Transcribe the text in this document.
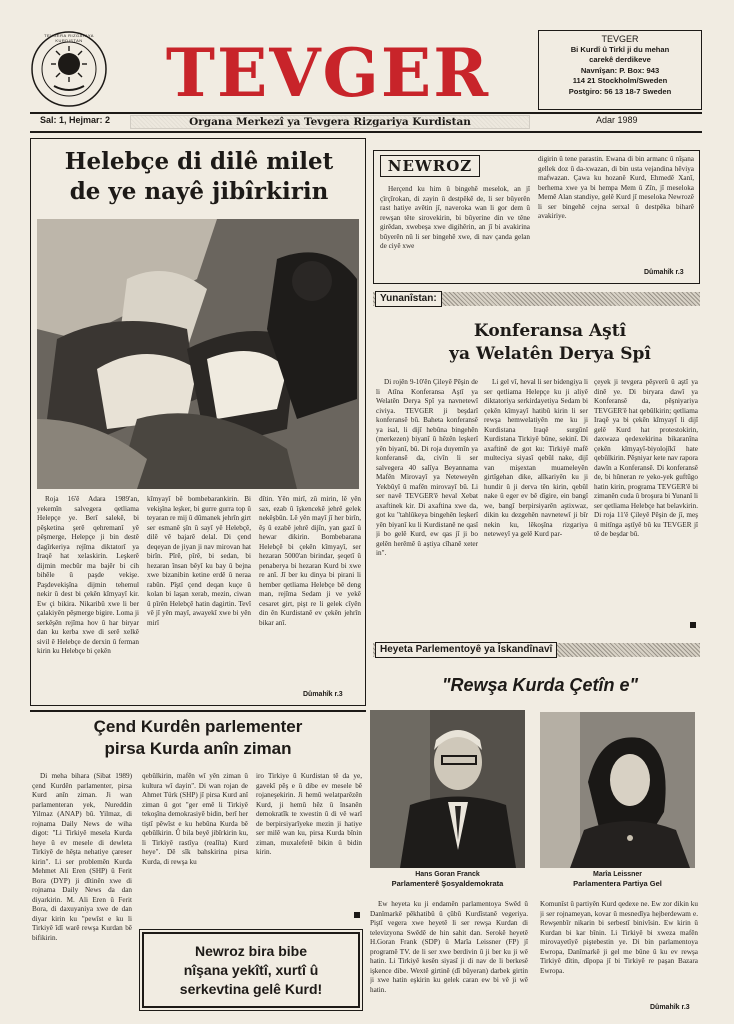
TEVGERA RIZGARIYA KURDISTAN	TEVGER	TEVGER
Bi Kurdî û Tirkî ji du mehan
carekê derdikeve
Navnîşan: P. Box: 943
114 21 Stockholm/Sweden
Postgiro: 56 13 18-7 Sweden
Sal: 1, Hejmar: 2	Organa Merkezî ya Tevgera Rizgariya Kurdistan	Adar 1989
Helebçe di dilê milet
de ye nayê jibîrkirin

Roja 16'ê Adara 1989'an, yekemîn salvegera qetliama Helepçe ye. Berî salekê, bi pêşketina şerê qehremanî yê pêşmerge, Helepçe ji bin destê dagîrkeriya rejîma diktatorî ya Iraqê hat xelaskirin. Leşkerê dijmin mecbûr ma bajêr bi cih bihêle û paşde vekişe. Paşdevekişîna dijmin tehemul nekir û dest bi çekên kîmyayî kir. Ew çi bikira. Nikaribû xwe li ber çalakiyên pêşmerge bigire. Loma ji serkêşên rejîma hov û har biryar dan ku kerba xwe di serê xelkê sivil ê Helebçe de derxin û ferman kirin ku Helebçe bi çekên

kîmyayî bê bombebarankirin. Bi vekişîna leşker, bi gurre gurra top û teyaran re mij û dûmanek jehrîn girt ser esmanê şîn û sayî yê Helebçê, dilê vê bajarê delal. Di çend deqeyan de jiyan ji nav mirovan hat birîn. Pîrê, pîrê, bi sedan, bi hezaran însan bêyî ku bay û bejna xwe bizanibin ketine erdê û neraa rabûn. Pîştî çend deqan kuçe û kolan bi laşan xerab, mezin, ciwan û pîrên Helebçê hatin dagirtin. Tevî vê jî yên mayî, awayekî xwe bi yên mirî

dîtin. Yên mirî, zû mirin, lê yên sax, ezab û îşkencekê jehrê gelek nekêşbûn. Lê yên mayî jî her birîn, êş û ezabê jehrê dijîn, yan gazî û hewar dikirin. Bombebarana Helebçê bi çekên kîmyayî, ser hezaran 5000'an birindar, şeqetî û penaberya bi hezaran Kurd bi xwe re anî. Jî ber ku dinya bi pirani li hember qetliama Helebçe bê deng man, rejîma Sedam ji ve yekê cesaret girt, pişt re li gelek cîyên din ên Kurdistanê ev çekên jehrîn bikar anî.

Dûmahîk r.3
NEWROZ

Herçend ku him û bingehê meselok, an jî çîrçîrokan, di zayin û destpêkê de, li ser bûyerên rast hatiye avêtin jî, naveroka wan li gor dem û rewşan tête sirovekirin, bi bûyerine din ve têne girêdan, xwebeşa xwe digihêrin, an jî bi avakirina bûyerên nû li ser bingehê xwe, di nav çanda gelan de ciyê xwe

digirin û tene parastin. Ewana di bin armanc û nîşana gellek doz û da-xwazan, di bin usta vejandina hêviya mafwazan. Çawa ku hozanê Kurd, Ehmedê Xanî, berhema xwe ya bi hempa Mem û Zîn, jî meseloka Memê Alan standiye, gelê Kurd jî meseloka Newrozê li ser bingehê cejna serxal û destpêka biharê avakiriye.

Dûmahîk r.3
Yunanîstan:
Konferansa Aştî
ya Welatên Derya Spî

Di rojên 9-10'ên Çileyê Pêşin de li Atîna Konferansa Aştî ya Welatên Derya Spî ya navnetewî civiya. TEVGER ji beşdarî konferansê bû. Baheta konferansê ya isal, li dijî hebûna bingehên (merkezen) biyanî û hêzên leşkerî yên biyanî, bû. Di roja duyemîn ya konferansê da, civîn li ser salvegera 40 salîya Beyannama Mafên Mirovayî ya Neteweyên Yekbûyî û mafên mirovayî bû. Li ser navê TEVGER'ê heval Xebat axaftinek kir. Di axaftina xwe da, got ku "tahlûkeya bingehên leşkerî yên biyanî ku li Kurdistanê ne qasî ji bo gelê Kurd, ew qas jî ji bo gelên herêmê û aştiya cîhanê xeter in".

Li gel vî, heval li ser bidengiya li ser qetliama Helepçe ku ji aliyê diktatoriya serkirdayetiya Sedam bi çekên kîmyayî hatibû kirin li ser rewşa hemwelatiyên me ku ji Kurdistana Iraqê surgûnî Kurdistana Tirkiyê bûne, sekinî. Di axaftinê de got ku: Tirkiyê mafê multeciya siyasî qebûl nake, dijî van mişextan muameleyên girtîgehan dike, alîkariyên ku ji hundir û ji derva tên kirin, qebûl nake û eger ev bê dîgire, ein bangî we, bangî berpirsiyarên aştixwaz, dikin ku dezgehên navnetewî ji bîr nekin ku, lêkoşîna rizgariya neteweyî ya gelê Kurd par-

çeyek ji tevgera pêşverû û aştî ya dinê ye. Di biryara dawî ya Konferansê da, pêşniyariya TEVGER'ê hat qebûlkirin; qetliama Iraqê ya bi çekên kîmyayî li dijî gelê Kurd hat protestokirin, daxwaza qedexekirina bikaranîna çekên kîmyayî-biyolojîkî hate qebûlkirin. Pêşniyar kete nav rapora dawîn a Konferansê. Di konferansê de, bi hûneran re yeko-yek guftûgo hatin kirin, programa TEVGER'ê bi zimanên cuda û broşura bi Yunanî li ser qetliama Helebçe hat belavkirin. Di roja 11'ê Çileyê Pêşin de jî, meş û mitînga aştîyê bû ku TEVGER jî tê de beşdar bû.

Heyeta Parlementoyê ya Îskandînavî
"Rewşa Kurda Çetîn e"
Hans Goran Franck
Parlamenterê Şosyaldemokrata
Marîa Leissner
Parlamentera Partiya Gel

Ew heyeta ku ji endamên parlamentoya Swêd û Danîmarkê pêkhatibû û çûbû Kurdîstanê vegeriya. Piştî vegera xwe heyetê li ser rewşa Kurdan di televizyona Swêdê de hin sahit dan. Serokê heyetê H.Goran Frank (SDP) û Marîa Leissner (FP) jî programê TV. de li ser xwe berdivin û ji ber ku ji wê hatin. Li Tirkiyê kesên siyasî ji di nav de li berkesê işkence dibe. Wextê girtinê (dî bûyeran) darbek girtin ji xwe hatin eşkirin ku gelek caran ew bi vê ji wê hatin.

Komunîst û partiyên Kurd qedexe ne. Ew zor dikin ku ji ser rojnameyan, kovar û mesnedîya hejberdewam e. Rewşenbîr nikarin bi serbestî binivîsin. Ew kirin û Kurdan bi kar bînin. Li Tirkiyê bi xweza mafên mirovayetîyê piştebestin ye. Di bin parlamentoya Ewropa, Danîmarkê ji gel me bûne û ku ev rewşa Tirkiyê dîtin, dîpopa jî bi Tirkiyê re paşan Bazara Ewropa.

Dûmahîk r.3
Çend Kurdên parlementer
pirsa Kurda anîn ziman

Di meha bihara (Sibat 1989) çend Kurdên parlamenter, pirsa Kurd anîn ziman. Ji wan parlamenteran yek, Nureddin Yilmaz (ANAP) bû. Yilmaz, di rojnama Daily News de wiha digot: "Li Tirkiyê mesela Kurda heye û ev mesele di dewleta Tirkiyê de hêşta nehatiye çareser kirin". Li ser problemên Kurda Mehmet Ali Eren (SHP) û Ferit Bora (DYP) ji dîtinên xwe di rojnama Daily News da dan diyarkirin. M. Ali Eren û Ferit Bora, di daxuyaniya xwe de dan diyar kirin ku "pewîst e ku li Tirkiyê îdî warê rewşa Kurdan bê bifikirin.

qebûlkirin, mafên wî yên ziman û kultura wî dayin". Di wan rojan de Ahmet Türk (SHP) jî pirsa Kurd anî ziman û got "ger emê li Tirkiyê tekoşîna demokrasiyê bidin, berî her tiştî pêwîst e ku hebûna Kurda bê qebûlkirin. Û bila beyê jibîrkirin ku, li Tirkiyê rastîya (realîta) Kurd heye". Dê sîk bahskirina pirsa Kurda, di rewşa ku

iro Tirkiye û Kurdistan tê da ye, gavekî pêş e û dibe ev mesele bê rojaneşekirin. Ji hemû welatparêzên Kurd, ji hemû hêz û însanên demokratîk te xwestin û di vê warî de berpirsiyarîyeke mezin ji hatiye ser milê wan ku, pirsa Kurda bînin ziman, muxalefetê bikin û bidin kirin.

Newroz bira bibe
nîşana yekîtî, xurtî û
serkevtina gelê Kurd!
